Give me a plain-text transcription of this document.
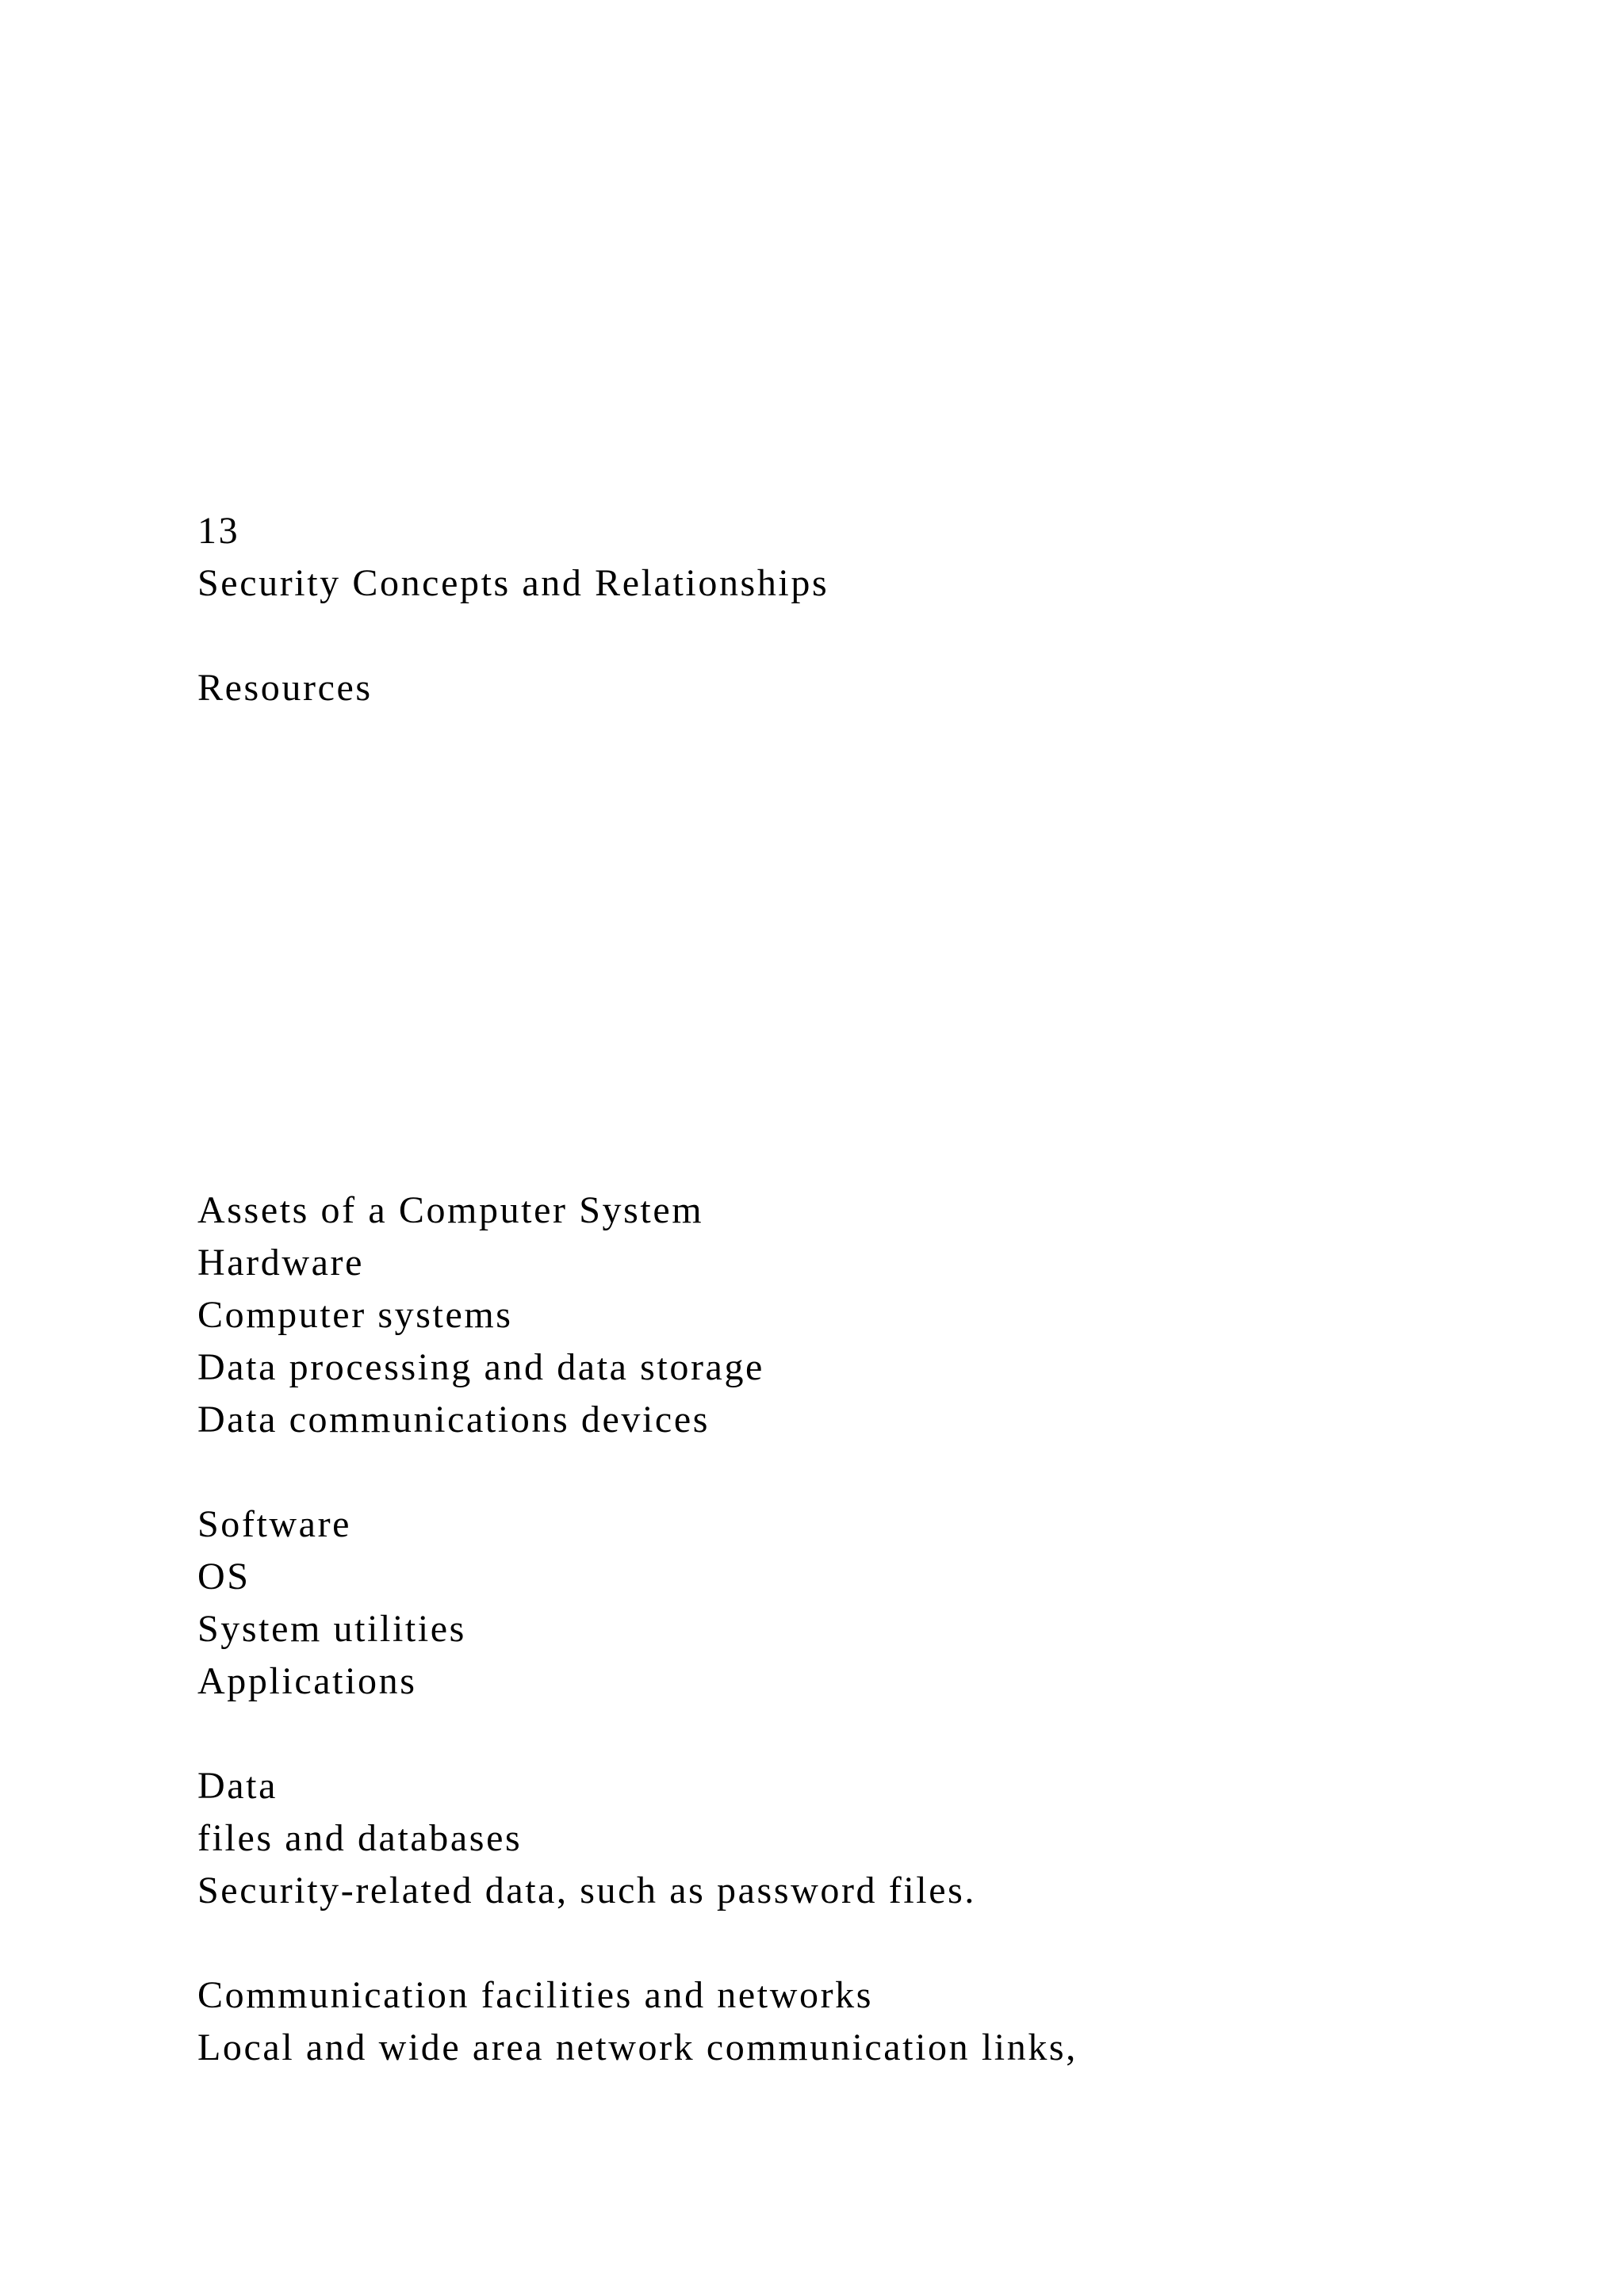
13
Security Concepts and Relationships
Resources
Assets of a Computer System
Hardware
Computer systems
Data processing and data storage
Data communications devices
Software
OS
System utilities
Applications
Data
files and databases
Security-related data, such as password files.
Communication facilities and networks
Local and wide area network communication links,
